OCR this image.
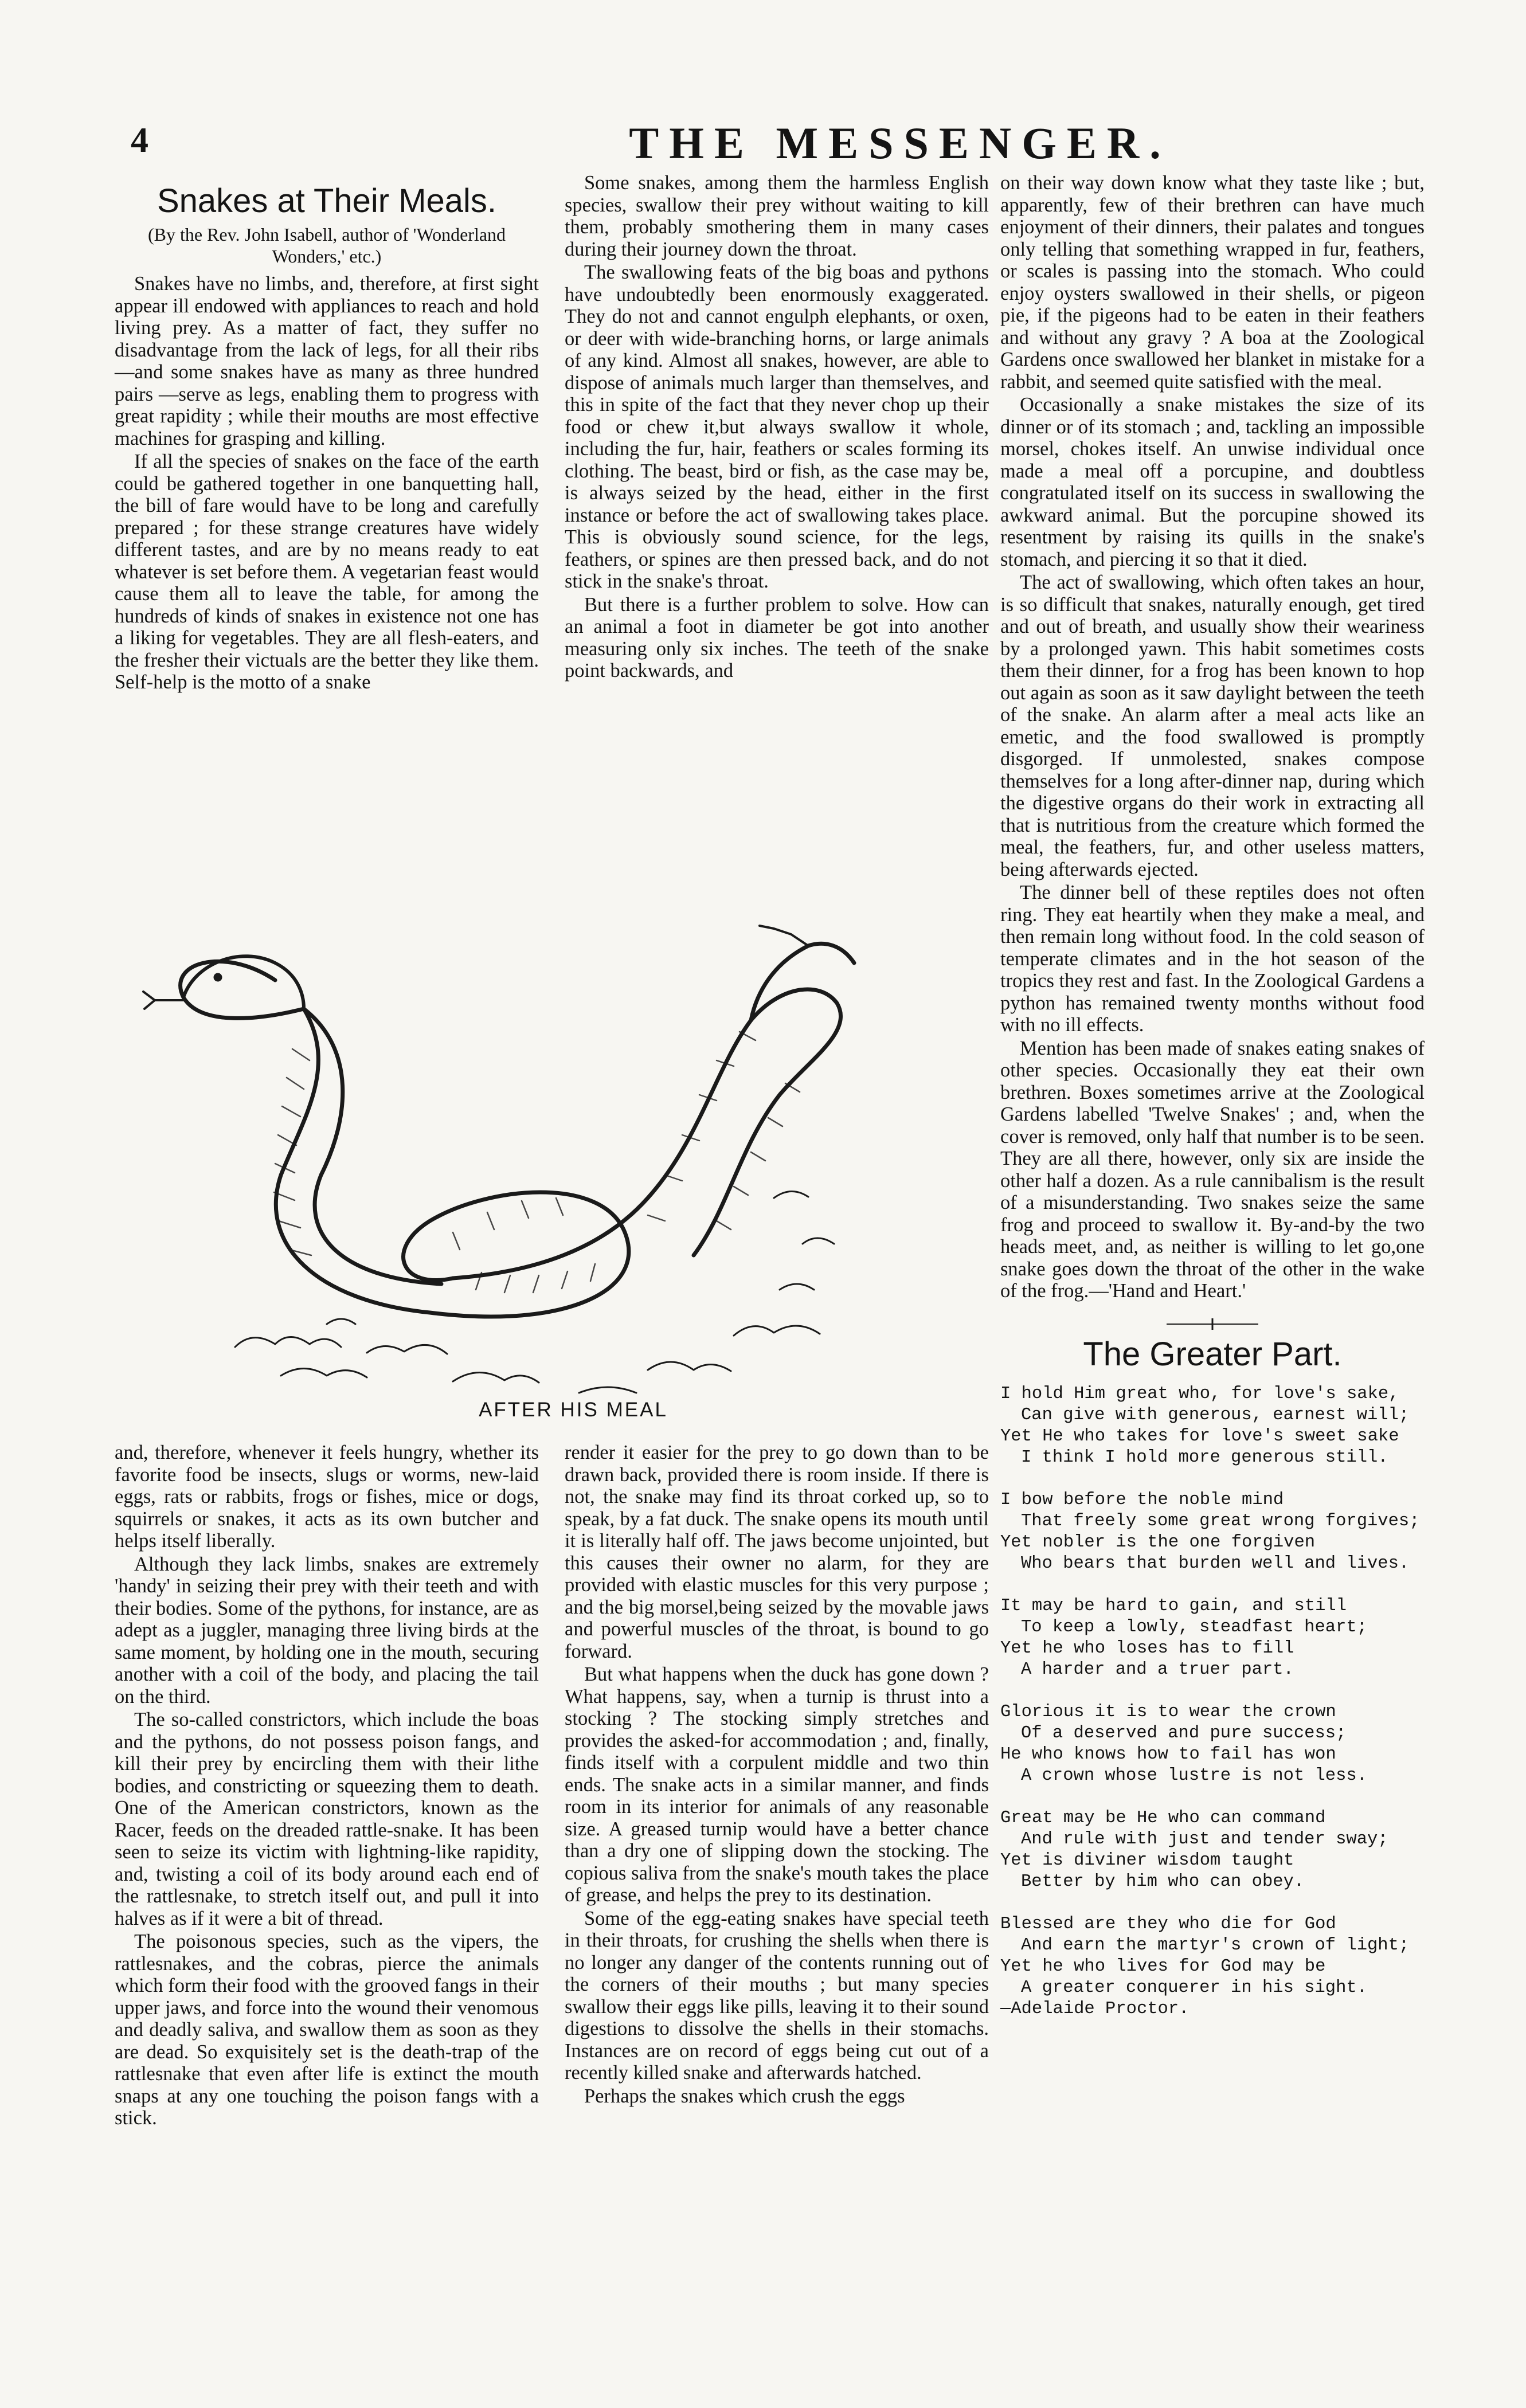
4	THE MESSENGER.
Snakes at Their Meals.
(By the Rev. John Isabell, author of 'Wonderland Wonders,' etc.)

Snakes have no limbs, and, therefore, at first sight appear ill endowed with appliances to reach and hold living prey. As a matter of fact, they suffer no disadvantage from the lack of legs, for all their ribs—and some snakes have as many as three hundred pairs —serve as legs, enabling them to progress with great rapidity ; while their mouths are most effective machines for grasping and killing.

If all the species of snakes on the face of the earth could be gathered together in one banquetting hall, the bill of fare would have to be long and carefully prepared ; for these strange creatures have widely different tastes, and are by no means ready to eat whatever is set before them. A vegetarian feast would cause them all to leave the table, for among the hundreds of kinds of snakes in existence not one has a liking for vegetables. They are all flesh-eaters, and the fresher their victuals are the better they like them. Self-help is the motto of a snake

Some snakes, among them the harmless English species, swallow their prey without waiting to kill them, probably smothering them in many cases during their journey down the throat.

The swallowing feats of the big boas and pythons have undoubtedly been enormously exaggerated. They do not and cannot engulph elephants, or oxen, or deer with wide-branching horns, or large animals of any kind. Almost all snakes, however, are able to dispose of animals much larger than themselves, and this in spite of the fact that they never chop up their food or chew it,but always swallow it whole, including the fur, hair, feathers or scales forming its clothing. The beast, bird or fish, as the case may be, is always seized by the head, either in the first instance or before the act of swallowing takes place. This is obviously sound science, for the legs, feathers, or spines are then pressed back, and do not stick in the snake's throat.

But there is a further problem to solve. How can an animal a foot in diameter be got into another measuring only six inches. The teeth of the snake point backwards, and

AFTER HIS MEAL

and, therefore, whenever it feels hungry, whether its favorite food be insects, slugs or worms, new-laid eggs, rats or rabbits, frogs or fishes, mice or dogs, squirrels or snakes, it acts as its own butcher and helps itself liberally.

Although they lack limbs, snakes are extremely 'handy' in seizing their prey with their teeth and with their bodies. Some of the pythons, for instance, are as adept as a juggler, managing three living birds at the same moment, by holding one in the mouth, securing another with a coil of the body, and placing the tail on the third.

The so-called constrictors, which include the boas and the pythons, do not possess poison fangs, and kill their prey by encircling them with their lithe bodies, and constricting or squeezing them to death. One of the American constrictors, known as the Racer, feeds on the dreaded rattle-snake. It has been seen to seize its victim with lightning-like rapidity, and, twisting a coil of its body around each end of the rattlesnake, to stretch itself out, and pull it into halves as if it were a bit of thread.

The poisonous species, such as the vipers, the rattlesnakes, and the cobras, pierce the animals which form their food with the grooved fangs in their upper jaws, and force into the wound their venomous and deadly saliva, and swallow them as soon as they are dead. So exquisitely set is the death-trap of the rattlesnake that even after life is extinct the mouth snaps at any one touching the poison fangs with a stick.

render it easier for the prey to go down than to be drawn back, provided there is room inside. If there is not, the snake may find its throat corked up, so to speak, by a fat duck. The snake opens its mouth until it is literally half off. The jaws become unjointed, but this causes their owner no alarm, for they are provided with elastic muscles for this very purpose ; and the big morsel,being seized by the movable jaws and powerful muscles of the throat, is bound to go forward.

But what happens when the duck has gone down ? What happens, say, when a turnip is thrust into a stocking ? The stocking simply stretches and provides the asked-for accommodation ; and, finally, finds itself with a corpulent middle and two thin ends. The snake acts in a similar manner, and finds room in its interior for animals of any reasonable size. A greased turnip would have a better chance than a dry one of slipping down the stocking. The copious saliva from the snake's mouth takes the place of grease, and helps the prey to its destination.

Some of the egg-eating snakes have special teeth in their throats, for crushing the shells when there is no longer any danger of the contents running out of the corners of their mouths ; but many species swallow their eggs like pills, leaving it to their sound digestions to dissolve the shells in their stomachs. Instances are on record of eggs being cut out of a recently killed snake and afterwards hatched.

Perhaps the snakes which crush the eggs

on their way down know what they taste like ; but, apparently, few of their brethren can have much enjoyment of their dinners, their palates and tongues only telling that something wrapped in fur, feathers, or scales is passing into the stomach. Who could enjoy oysters swallowed in their shells, or pigeon pie, if the pigeons had to be eaten in their feathers and without any gravy ? A boa at the Zoological Gardens once swallowed her blanket in mistake for a rabbit, and seemed quite satisfied with the meal.

Occasionally a snake mistakes the size of its dinner or of its stomach ; and, tackling an impossible morsel, chokes itself. An unwise individual once made a meal off a porcupine, and doubtless congratulated itself on its success in swallowing the awkward animal. But the porcupine showed its resentment by raising its quills in the snake's stomach, and piercing it so that it died.

The act of swallowing, which often takes an hour, is so difficult that snakes, naturally enough, get tired and out of breath, and usually show their weariness by a prolonged yawn. This habit sometimes costs them their dinner, for a frog has been known to hop out again as soon as it saw daylight between the teeth of the snake. An alarm after a meal acts like an emetic, and the food swallowed is promptly disgorged. If unmolested, snakes compose themselves for a long after-dinner nap, during which the digestive organs do their work in extracting all that is nutritious from the creature which formed the meal, the feathers, fur, and other useless matters, being afterwards ejected.

The dinner bell of these reptiles does not often ring. They eat heartily when they make a meal, and then remain long without food. In the cold season of temperate climates and in the hot season of the tropics they rest and fast. In the Zoological Gardens a python has remained twenty months without food with no ill effects.

Mention has been made of snakes eating snakes of other species. Occasionally they eat their own brethren. Boxes sometimes arrive at the Zoological Gardens labelled 'Twelve Snakes' ; and, when the cover is removed, only half that number is to be seen. They are all there, however, only six are inside the other half a dozen. As a rule cannibalism is the result of a misunderstanding. Two snakes seize the same frog and proceed to swallow it. By-and-by the two heads meet, and, as neither is willing to let go,one snake goes down the throat of the other in the wake of the frog.—'Hand and Heart.'

The Greater Part.
I hold Him great who, for love's sake,
Can give with generous, earnest will;
Yet He who takes for love's sweet sake
I think I hold more generous still.
I bow before the noble mind
That freely some great wrong forgives;
Yet nobler is the one forgiven
Who bears that burden well and lives.
It may be hard to gain, and still
To keep a lowly, steadfast heart;
Yet he who loses has to fill
A harder and a truer part.
Glorious it is to wear the crown
Of a deserved and pure success;
He who knows how to fail has won
A crown whose lustre is not less.
Great may be He who can command
And rule with just and tender sway;
Yet is diviner wisdom taught
Better by him who can obey.
Blessed are they who die for God
And earn the martyr's crown of light;
Yet he who lives for God may be
A greater conquerer in his sight.
—Adelaide Proctor.
